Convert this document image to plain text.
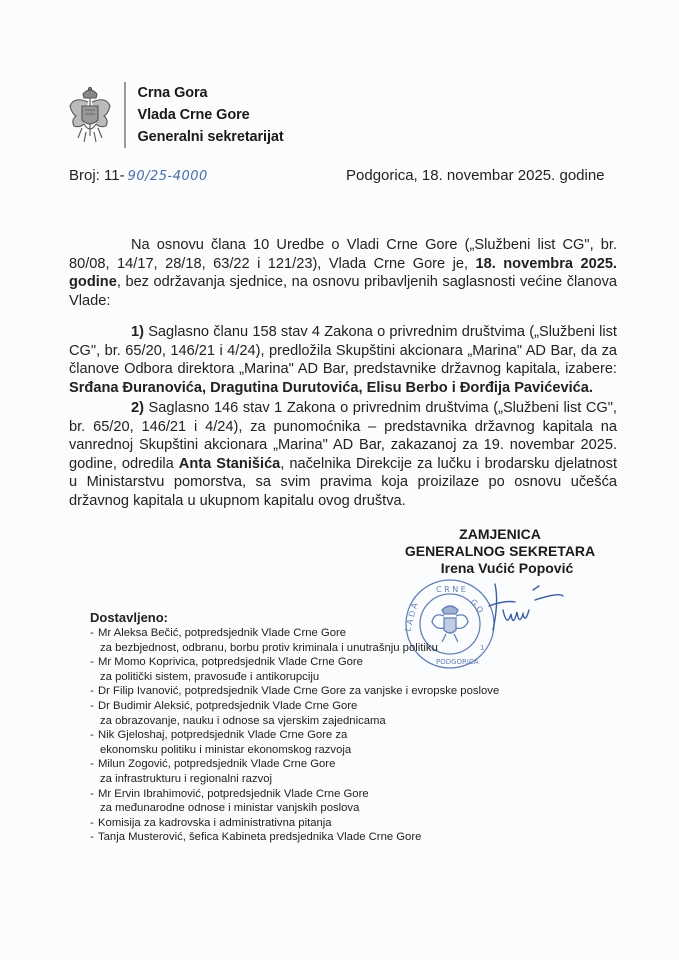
Crna Gora
Vlada Crne Gore
Generalni sekretarijat
Broj: 11- 90/25-4000	Podgorica, 18. novembar 2025. godine
Na osnovu člana 10 Uredbe o Vladi Crne Gore („Službeni list CG", br. 80/08, 14/17, 28/18, 63/22 i 121/23), Vlada Crne Gore je, 18. novembra 2025. godine, bez održavanja sjednice, na osnovu pribavljenih saglasnosti većine članova Vlade:
1) Saglasno članu 158 stav 4 Zakona o privrednim društvima („Službeni list CG", br. 65/20, 146/21 i 4/24), predložila Skupštini akcionara „Marina" AD Bar, da za članove Odbora direktora „Marina" AD Bar, predstavnike državnog kapitala, izabere: Srđana Đuranovića, Dragutina Durutovića, Elisu Berbo i Đorđija Pavićevića.
2) Saglasno 146 stav 1 Zakona o privrednim društvima („Službeni list CG", br. 65/20, 146/21 i 4/24), za punomoćnika – predstavnika državnog kapitala na vanrednoj Skupštini akcionara „Marina" AD Bar, zakazanoj za 19. novembar 2025. godine, odredila Anta Stanišića, načelnika Direkcije za lučku i brodarsku djelatnost u Ministarstvu pomorstva, sa svim pravima koja proizilaze po osnovu učešća državnog kapitala u ukupnom kapitalu ovog društva.
C R N E
G O
L A D A
PODGORICA
1
ZAMJENICA
GENERALNOG SEKRETARA
Irena Vućić Popović
Dostavljeno:
- Mr Aleksa Bečić, potpredsjednik Vlade Crne Gore
za bezbjednost, odbranu, borbu protiv kriminala i unutrašnju politiku
- Mr Momo Koprivica, potpredsjednik Vlade Crne Gore
za politički sistem, pravosuđe i antikorupciju
- Dr Filip Ivanović, potpredsjednik Vlade Crne Gore za vanjske i evropske poslove
- Dr Budimir Aleksić, potpredsjednik Vlade Crne Gore
za obrazovanje, nauku i odnose sa vjerskim zajednicama
- Nik Gjeloshaj, potpredsjednik Vlade Crne Gore za
ekonomsku politiku i ministar ekonomskog razvoja
- Milun Zogović, potpredsjednik Vlade Crne Gore
za infrastrukturu i regionalni razvoj
- Mr Ervin Ibrahimović, potpredsjednik Vlade Crne Gore
za međunarodne odnose i ministar vanjskih poslova
- Komisija za kadrovska i administrativna pitanja
- Tanja Musterović, šefica Kabineta predsjednika Vlade Crne Gore
